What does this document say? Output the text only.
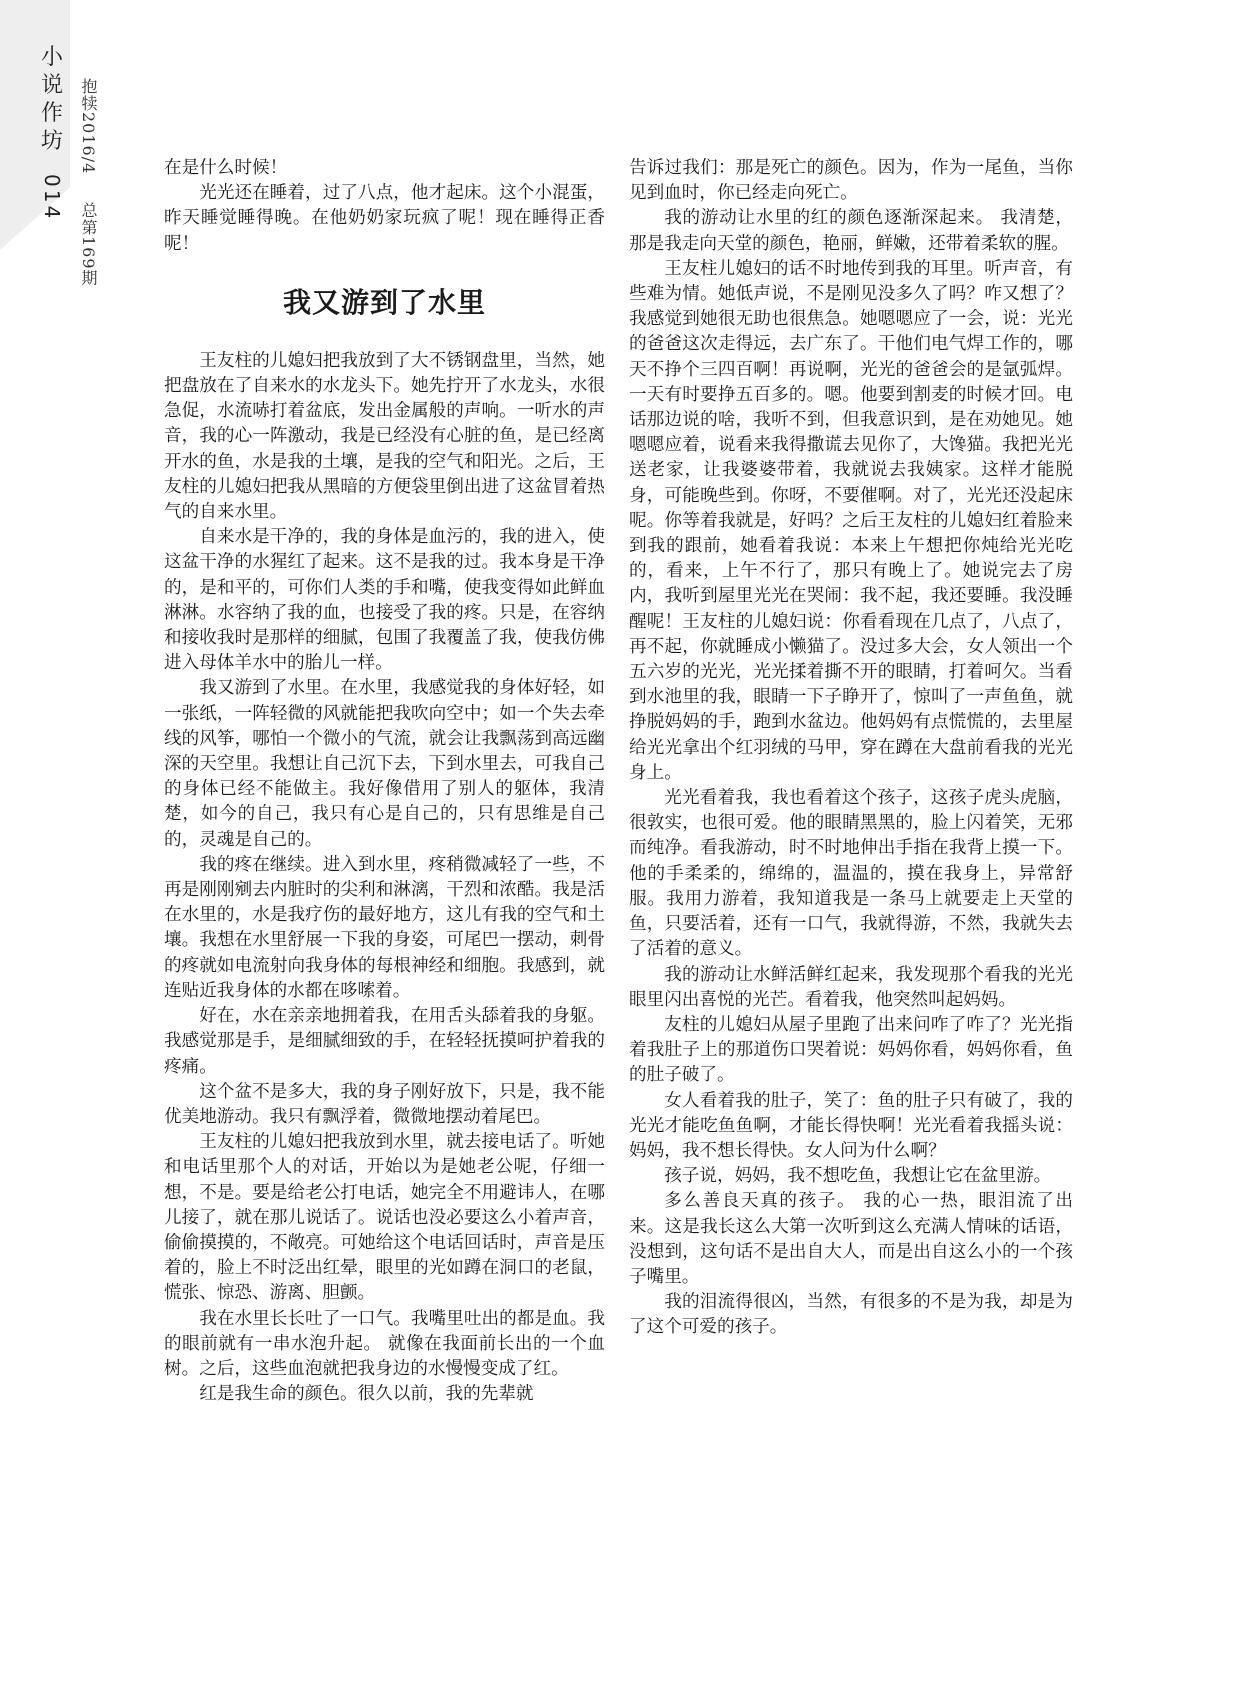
小
说
作
坊
014
抱犊2016/4 总第169期

在是什么时候！

光光还在睡着，过了八点，他才起床。这个小混蛋，昨天睡觉睡得晚。在他奶奶家玩疯了呢！现在睡得正香呢！

我又游到了水里

王友柱的儿媳妇把我放到了大不锈钢盘里，当然，她把盘放在了自来水的水龙头下。她先拧开了水龙头，水很急促，水流哧打着盆底，发出金属般的声响。一听水的声音，我的心一阵激动，我是已经没有心脏的鱼，是已经离开水的鱼，水是我的土壤，是我的空气和阳光。之后，王友柱的儿媳妇把我从黑暗的方便袋里倒出进了这盆冒着热气的自来水里。

自来水是干净的，我的身体是血污的，我的进入，使这盆干净的水猩红了起来。这不是我的过。我本身是干净的，是和平的，可你们人类的手和嘴，使我变得如此鲜血淋淋。水容纳了我的血，也接受了我的疼。只是，在容纳和接收我时是那样的细腻，包围了我覆盖了我，使我仿佛进入母体羊水中的胎儿一样。

我又游到了水里。在水里，我感觉我的身体好轻，如一张纸，一阵轻微的风就能把我吹向空中；如一个失去牵线的风筝，哪怕一个微小的气流，就会让我飘荡到高远幽深的天空里。我想让自己沉下去，下到水里去，可我自己的身体已经不能做主。我好像借用了别人的躯体，我清楚，如今的自己，我只有心是自己的，只有思维是自己的，灵魂是自己的。

我的疼在继续。进入到水里，疼稍微减轻了一些，不再是刚刚剜去内脏时的尖利和淋漓，干烈和浓酷。我是活在水里的，水是我疗伤的最好地方，这儿有我的空气和土壤。我想在水里舒展一下我的身姿，可尾巴一摆动，刺骨的疼就如电流射向我身体的每根神经和细胞。我感到，就连贴近我身体的水都在哆嗦着。

好在，水在亲亲地拥着我，在用舌头舔着我的身躯。我感觉那是手，是细腻细致的手，在轻轻抚摸呵护着我的疼痛。

这个盆不是多大，我的身子刚好放下，只是，我不能优美地游动。我只有飘浮着，微微地摆动着尾巴。

王友柱的儿媳妇把我放到水里，就去接电话了。听她和电话里那个人的对话，开始以为是她老公呢，仔细一想，不是。要是给老公打电话，她完全不用避讳人，在哪儿接了，就在那儿说话了。说话也没必要这么小着声音，偷偷摸摸的，不敞亮。可她给这个电话回话时，声音是压着的，脸上不时泛出红晕，眼里的光如蹲在洞口的老鼠，慌张、惊恐、游离、胆颤。

我在水里长长吐了一口气。我嘴里吐出的都是血。我的眼前就有一串水泡升起。 就像在我面前长出的一个血树。之后，这些血泡就把我身边的水慢慢变成了红。

红是我生命的颜色。很久以前，我的先辈就

告诉过我们：那是死亡的颜色。因为，作为一尾鱼，当你见到血时，你已经走向死亡。

我的游动让水里的红的颜色逐渐深起来。 我清楚，那是我走向天堂的颜色，艳丽，鲜嫩，还带着柔软的腥。

王友柱儿媳妇的话不时地传到我的耳里。听声音，有些难为情。她低声说，不是刚见没多久了吗？咋又想了？我感觉到她很无助也很焦急。她嗯嗯应了一会，说：光光的爸爸这次走得远，去广东了。干他们电气焊工作的，哪天不挣个三四百啊！再说啊，光光的爸爸会的是氩弧焊。一天有时要挣五百多的。嗯。他要到割麦的时候才回。电话那边说的啥，我听不到，但我意识到，是在劝她见。她嗯嗯应着，说看来我得撒谎去见你了，大馋猫。我把光光送老家，让我婆婆带着，我就说去我姨家。这样才能脱身，可能晚些到。你呀，不要催啊。对了，光光还没起床呢。你等着我就是，好吗？之后王友柱的儿媳妇红着脸来到我的跟前，她看着我说：本来上午想把你炖给光光吃的，看来，上午不行了，那只有晚上了。她说完去了房内，我听到屋里光光在哭闹：我不起，我还要睡。我没睡醒呢！王友柱的儿媳妇说：你看看现在几点了，八点了，再不起，你就睡成小懒猫了。没过多大会，女人领出一个五六岁的光光，光光揉着撕不开的眼睛，打着呵欠。当看到水池里的我，眼睛一下子睁开了，惊叫了一声鱼鱼，就挣脱妈妈的手，跑到水盆边。他妈妈有点慌慌的，去里屋给光光拿出个红羽绒的马甲，穿在蹲在大盘前看我的光光身上。

光光看着我，我也看着这个孩子，这孩子虎头虎脑，很敦实，也很可爱。他的眼睛黑黑的，脸上闪着笑，无邪而纯净。看我游动，时不时地伸出手指在我背上摸一下。他的手柔柔的，绵绵的，温温的，摸在我身上，异常舒服。我用力游着，我知道我是一条马上就要走上天堂的鱼，只要活着，还有一口气，我就得游，不然，我就失去了活着的意义。

我的游动让水鲜活鲜红起来，我发现那个看我的光光眼里闪出喜悦的光芒。看着我，他突然叫起妈妈。

友柱的儿媳妇从屋子里跑了出来问咋了咋了？光光指着我肚子上的那道伤口哭着说：妈妈你看，妈妈你看，鱼的肚子破了。

女人看着我的肚子，笑了：鱼的肚子只有破了，我的光光才能吃鱼鱼啊，才能长得快啊！光光看着我摇头说：妈妈，我不想长得快。女人问为什么啊？

孩子说，妈妈，我不想吃鱼，我想让它在盆里游。

多么善良天真的孩子。 我的心一热，眼泪流了出来。这是我长这么大第一次听到这么充满人情味的话语，没想到，这句话不是出自大人，而是出自这么小的一个孩子嘴里。

我的泪流得很凶，当然，有很多的不是为我，却是为了这个可爱的孩子。
